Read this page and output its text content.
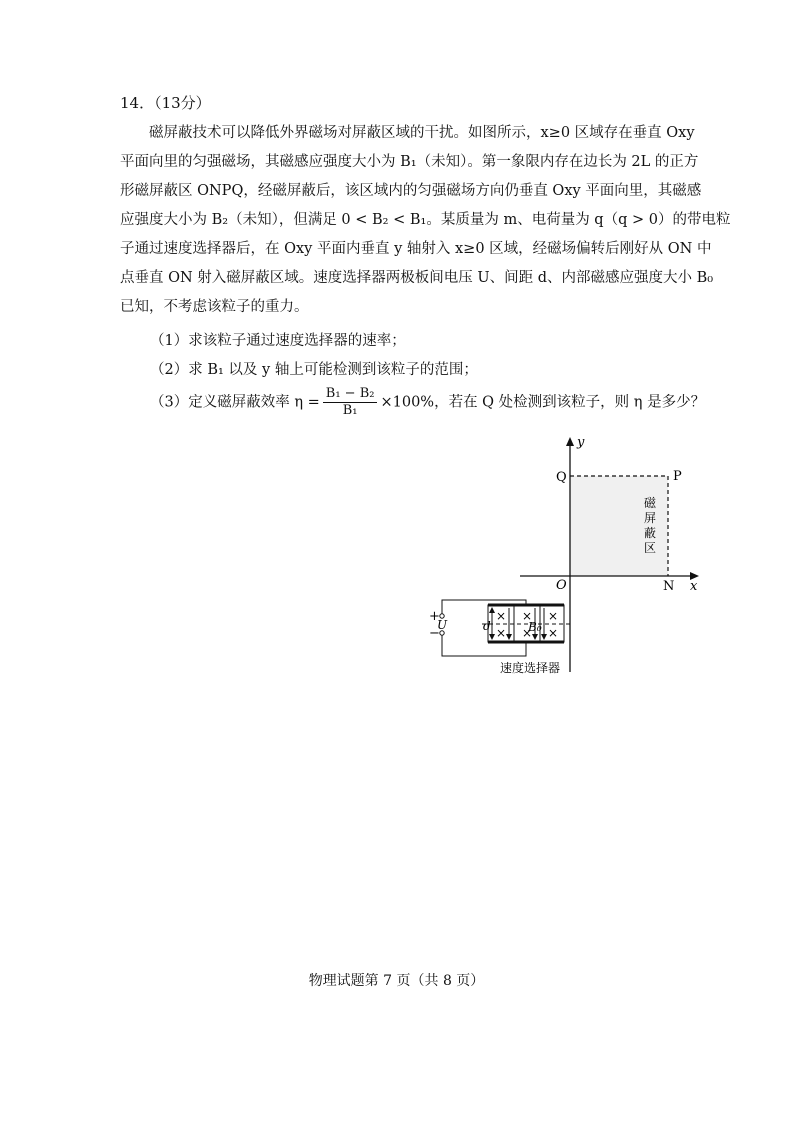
14．（13分）
磁屏蔽技术可以降低外界磁场对屏蔽区域的干扰。如图所示，x≥0 区域存在垂直 Oxy
平面向里的匀强磁场，其磁感应强度大小为 B₁（未知）。第一象限内存在边长为 2L 的正方
形磁屏蔽区 ONPQ，经磁屏蔽后，该区域内的匀强磁场方向仍垂直 Oxy 平面向里，其磁感
应强度大小为 B₂（未知），但满足 0 < B₂ < B₁。某质量为 m、电荷量为 q（q > 0）的带电粒
子通过速度选择器后，在 Oxy 平面内垂直 y 轴射入 x≥0 区域，经磁场偏转后刚好从 ON 中
点垂直 ON 射入磁屏蔽区域。速度选择器两极板间电压 U、间距 d、内部磁感应强度大小 B₀
已知，不考虑该粒子的重力。
（1）求该粒子通过速度选择器的速率；
（2）求 B₁ 以及 y 轴上可能检测到该粒子的范围；
（3）定义磁屏蔽效率 $\eta = \frac{\text{B₁ − B₂}}{\text{B₁}} \times 100\%$，若在 Q 处检测到该粒子，则 η 是多少？
y
x
O
Q	P
N
磁
屏
蔽
区
× × ×
× × ×
B₀
d
+
−
U
速度选择器
物理试题第 7 页（共 8 页）
